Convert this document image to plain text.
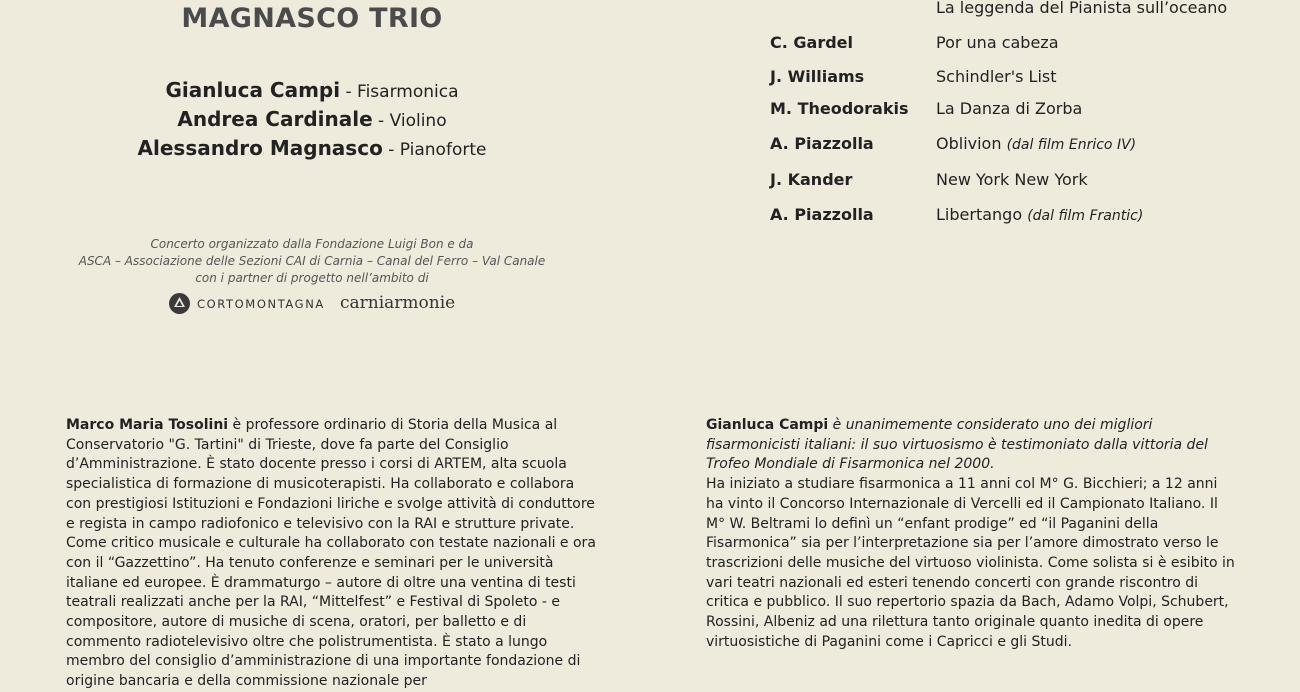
MAGNASCO TRIO
Gianluca Campi - Fisarmonica
Andrea Cardinale - Violino
Alessandro Magnasco - Pianoforte
Concerto organizzato dalla Fondazione Luigi Bon e da
ASCA – Associazione delle Sezioni CAI di Carnia – Canal del Ferro – Val Canale
con i partner di progetto nell’ambito di
CORTOMONTAGNA carniarmonie
La leggenda del Pianista sull’oceano
C. Gardel	Por una cabeza
J. Williams	Schindler's List
M. Theodorakis La Danza di Zorba
A. Piazzolla	Oblivion (dal film Enrico IV)
J. Kander	New York New York
A. Piazzolla	Libertango (dal film Frantic)
Marco Maria Tosolini è professore ordinario di Storia della Musica al Conservatorio "G. Tartini" di Trieste, dove fa parte del Consiglio d’Amministrazione. È stato docente presso i corsi di ARTEM, alta scuola specialistica di formazione di musicoterapisti. Ha collaborato e collabora con prestigiosi Istituzioni e Fondazioni liriche e svolge attività di conduttore e regista in campo radiofonico e televisivo con la RAI e strutture private. Come critico musicale e culturale ha collaborato con testate nazionali e ora con il “Gazzettino”. Ha tenuto conferenze e seminari per le università italiane ed europee. È drammaturgo – autore di oltre una ventina di testi teatrali realizzati anche per la RAI, “Mittelfest” e Festival di Spoleto - e compositore, autore di musiche di scena, oratori, per balletto e di commento radiotelevisivo oltre che polistrumentista. È stato a lungo membro del consiglio d’amministrazione di una importante fondazione di origine bancaria e della commissione nazionale per
Gianluca Campi è unanimemente considerato uno dei migliori fisarmonicisti italiani: il suo virtuosismo è testimoniato dalla vittoria del Trofeo Mondiale di Fisarmonica nel 2000.
Ha iniziato a studiare fisarmonica a 11 anni col M° G. Bicchieri; a 12 anni ha vinto il Concorso Internazionale di Vercelli ed il Campionato Italiano. Il M° W. Beltrami lo definì un “enfant prodige” ed “il Paganini della Fisarmonica” sia per l’interpretazione sia per l’amore dimostrato verso le trascrizioni delle musiche del virtuoso violinista. Come solista si è esibito in vari teatri nazionali ed esteri tenendo concerti con grande riscontro di critica e pubblico. Il suo repertorio spazia da Bach, Adamo Volpi, Schubert, Rossini, Albeniz ad una rilettura tanto originale quanto inedita di opere virtuosistiche di Paganini come i Capricci e gli Studi.
